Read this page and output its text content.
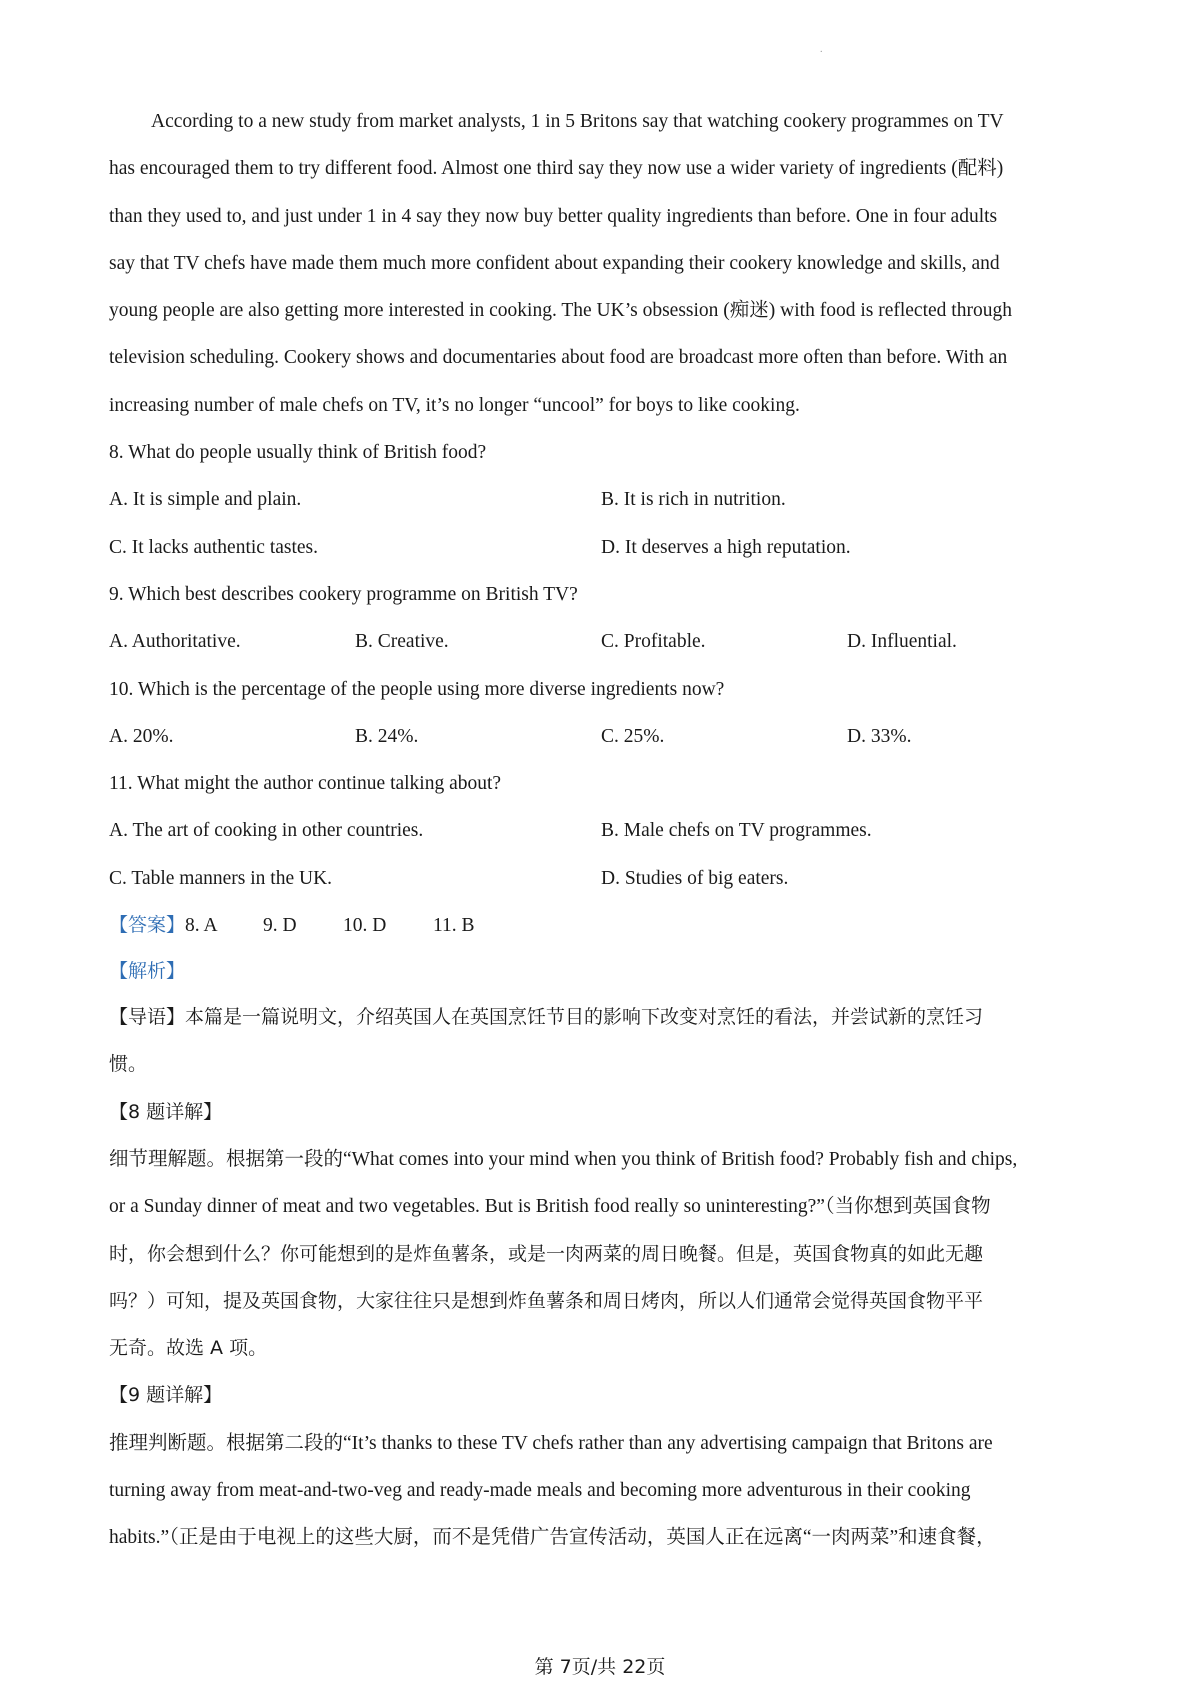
.
According to a new study from market analysts, 1 in 5 Britons say that watching cookery programmes on TV
has encouraged them to try different food. Almost one third say they now use a wider variety of ingredients (配料)
than they used to, and just under 1 in 4 say they now buy better quality ingredients than before. One in four adults
say that TV chefs have made them much more confident about expanding their cookery knowledge and skills, and
young people are also getting more interested in cooking. The UK’s obsession (痴迷) with food is reflected through
television scheduling. Cookery shows and documentaries about food are broadcast more often than before. With an
increasing number of male chefs on TV, it’s no longer “uncool” for boys to like cooking.
8. What do people usually think of British food?
A. It is simple and plain.	B. It is rich in nutrition.
C. It lacks authentic tastes.	D. It deserves a high reputation.
9. Which best describes cookery programme on British TV?
A. Authoritative.	B. Creative.	C. Profitable.	D. Influential.
10. Which is the percentage of the people using more diverse ingredients now?
A. 20%.	B. 24%.	C. 25%.	D. 33%.
11. What might the author continue talking about?
A. The art of cooking in other countries.	B. Male chefs on TV programmes.
C. Table manners in the UK.	D. Studies of big eaters.
【答案】8. A 9. D 10. D 11. B
【解析】
【导语】本篇是一篇说明文，介绍英国人在英国烹饪节目的影响下改变对烹饪的看法，并尝试新的烹饪习
惯。
【8 题详解】
细节理解题。根据第一段的“What comes into your mind when you think of British food? Probably fish and chips,
or a Sunday dinner of meat and two vegetables. But is British food really so uninteresting?”（当你想到英国食物
时，你会想到什么？你可能想到的是炸鱼薯条，或是一肉两菜的周日晚餐。但是，英国食物真的如此无趣
吗？）可知，提及英国食物，大家往往只是想到炸鱼薯条和周日烤肉，所以人们通常会觉得英国食物平平
无奇。故选 A 项。
【9 题详解】
推理判断题。根据第二段的“It’s thanks to these TV chefs rather than any advertising campaign that Britons are
turning away from meat-and-two-veg and ready-made meals and becoming more adventurous in their cooking
habits.”（正是由于电视上的这些大厨，而不是凭借广告宣传活动，英国人正在远离“一肉两菜”和速食餐，
第 7页/共 22页
